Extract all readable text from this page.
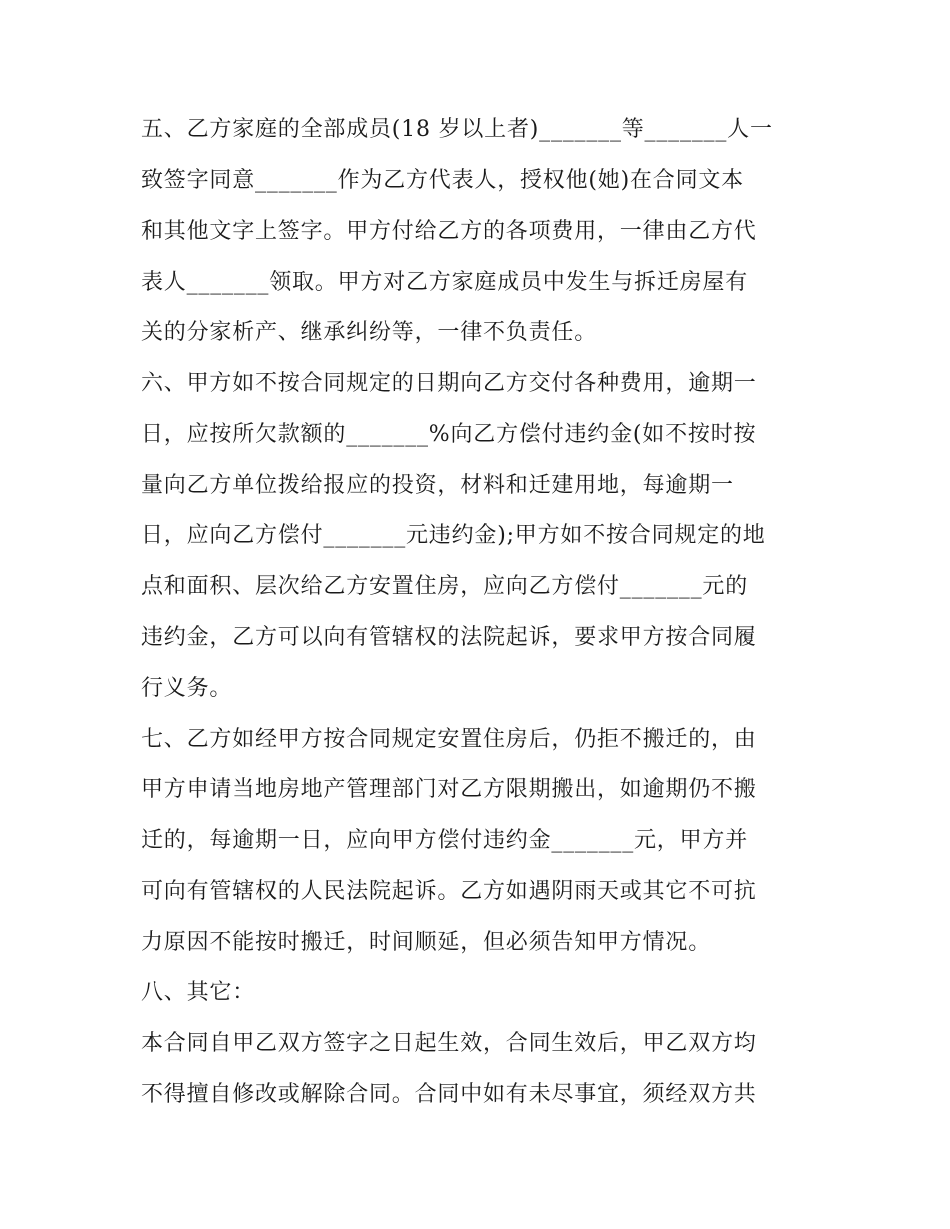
五、乙方家庭的全部成员(18 岁以上者)_______等_______人一
致签字同意_______作为乙方代表人，授权他(她)在合同文本
和其他文字上签字。甲方付给乙方的各项费用，一律由乙方代
表人_______领取。甲方对乙方家庭成员中发生与拆迁房屋有
关的分家析产、继承纠纷等，一律不负责任。
六、甲方如不按合同规定的日期向乙方交付各种费用，逾期一
日，应按所欠款额的_______%向乙方偿付违约金(如不按时按
量向乙方单位拨给报应的投资，材料和迁建用地，每逾期一
日，应向乙方偿付_______元违约金);甲方如不按合同规定的地
点和面积、层次给乙方安置住房，应向乙方偿付_______元的
违约金，乙方可以向有管辖权的法院起诉，要求甲方按合同履
行义务。
七、乙方如经甲方按合同规定安置住房后，仍拒不搬迁的，由
甲方申请当地房地产管理部门对乙方限期搬出，如逾期仍不搬
迁的，每逾期一日，应向甲方偿付违约金_______元，甲方并
可向有管辖权的人民法院起诉。乙方如遇阴雨天或其它不可抗
力原因不能按时搬迁，时间顺延，但必须告知甲方情况。
八、其它：
本合同自甲乙双方签字之日起生效，合同生效后，甲乙双方均
不得擅自修改或解除合同。合同中如有未尽事宜，须经双方共
